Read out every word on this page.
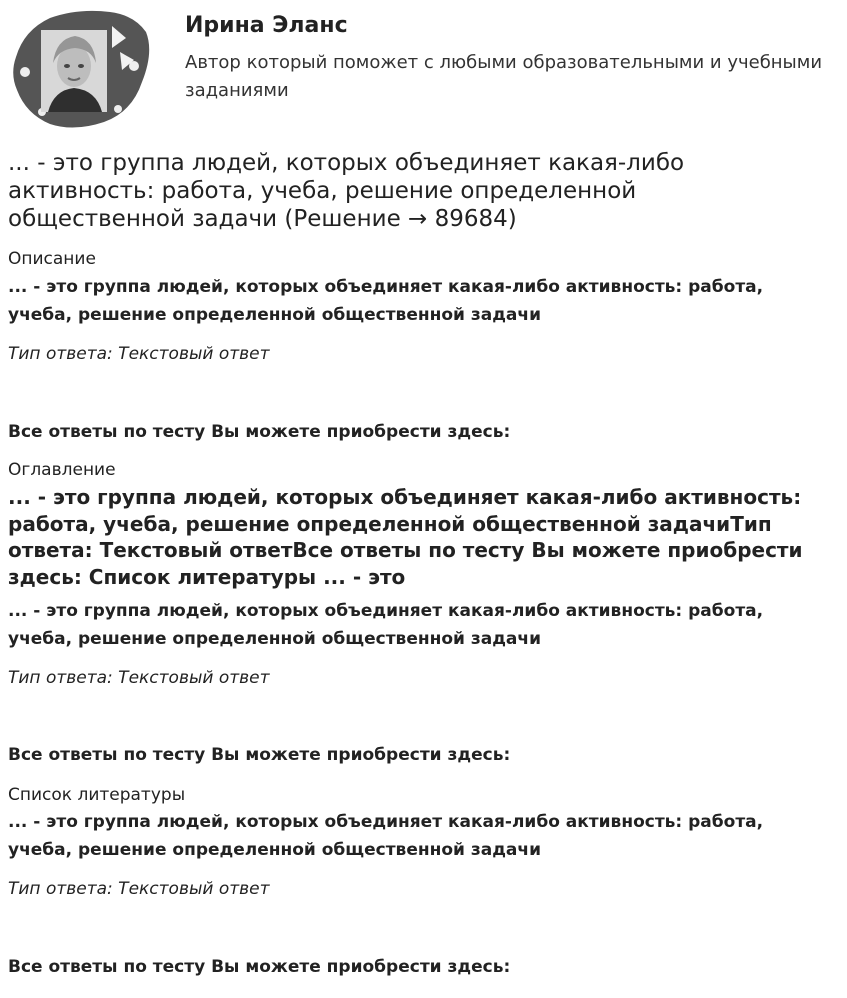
Ирина Эланс
Автор который поможет с любыми образовательными и учебными заданиями
... - это группа людей, которых объединяет какая-либо активность: работа, учеба, решение определенной общественной задачи (Решение → 89684)
Описание
... - это группа людей, которых объединяет какая-либо активность: работа, учеба, решение определенной общественной задачи
Тип ответа: Текстовый ответ
Все ответы по тесту Вы можете приобрести здесь:
Оглавление
... - это группа людей, которых объединяет какая-либо активность: работа, учеба, решение определенной общественной задачиТип ответа: Текстовый ответВсе ответы по тесту Вы можете приобрести здесь: Список литературы ... - это
... - это группа людей, которых объединяет какая-либо активность: работа, учеба, решение определенной общественной задачи
Тип ответа: Текстовый ответ
Все ответы по тесту Вы можете приобрести здесь:
Список литературы
... - это группа людей, которых объединяет какая-либо активность: работа, учеба, решение определенной общественной задачи
Тип ответа: Текстовый ответ
Все ответы по тесту Вы можете приобрести здесь:
